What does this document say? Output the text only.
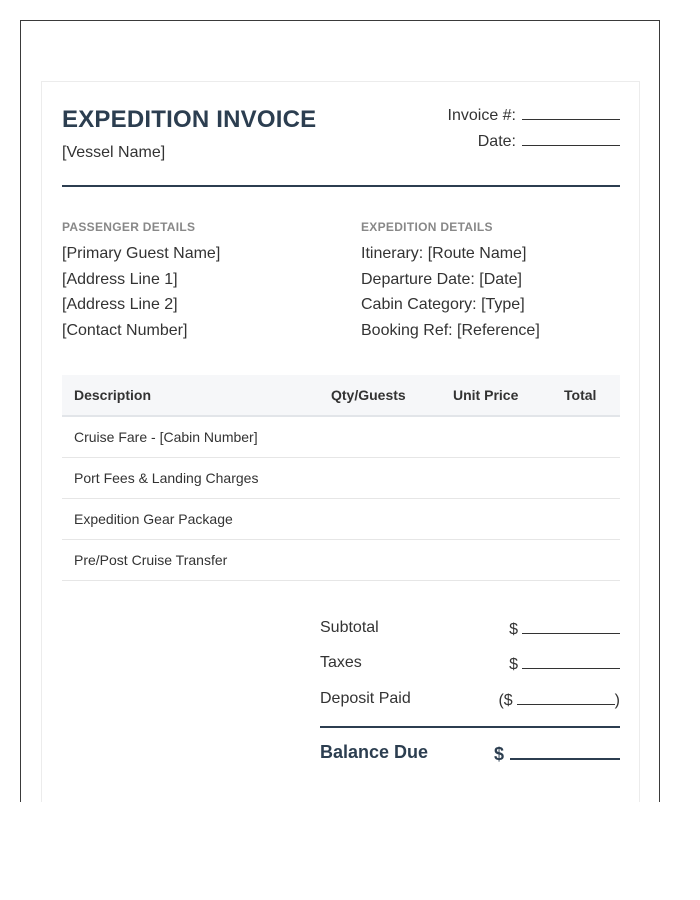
EXPEDITION INVOICE
[Vessel Name]
Invoice #:
Date:
PASSENGER DETAILS
[Primary Guest Name]
[Address Line 1]
[Address Line 2]
[Contact Number]
EXPEDITION DETAILS
Itinerary: [Route Name]
Departure Date: [Date]
Cabin Category: [Type]
Booking Ref: [Reference]
Description	Qty/Guests	Unit Price	Total
Cruise Fare - [Cabin Number]
Port Fees & Landing Charges
Expedition Gear Package
Pre/Post Cruise Transfer
Subtotal	$
Taxes	$
Deposit Paid	($	)
Balance Due	$
